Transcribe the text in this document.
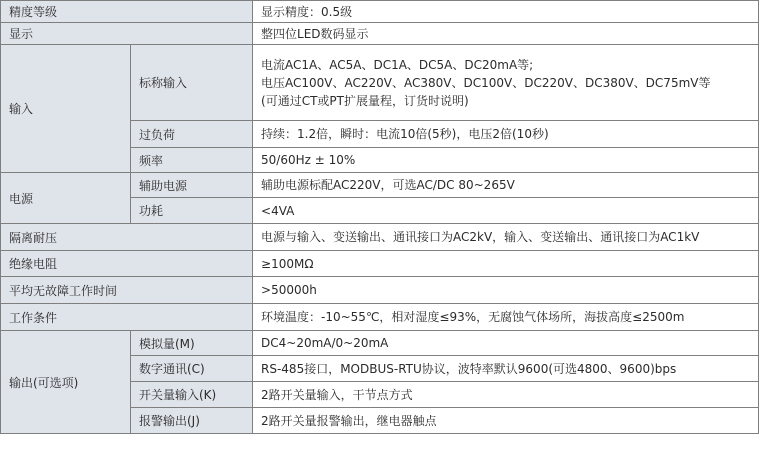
精度等级		显示精度：0.5级
显示		整四位LED数码显示
输入	标称输入	电流AC1A、AC5A、DC1A、DC5A、DC20mA等;
电压AC100V、AC220V、AC380V、DC100V、DC220V、DC380V、DC75mV等
(可通过CT或PT扩展量程，订货时说明)

	过负荷	持续：1.2倍，瞬时：电流10倍(5秒)，电压2倍(10秒)
	频率	50/60Hz ± 10%
电源	辅助电源	辅助电源标配AC220V，可选AC/DC 80~265V
	功耗	<4VA
隔离耐压		电源与输入、变送输出、通讯接口为AC2kV，输入、变送输出、通讯接口为AC1kV
绝缘电阻		≥100MΩ
平均无故障工作时间		>50000h
工作条件		环境温度：-10~55℃，相对湿度≤93%，无腐蚀气体场所，海拔高度≤2500m
输出(可选项)	模拟量(M)	DC4~20mA/0~20mA
	数字通讯(C)	RS-485接口，MODBUS-RTU协议，波特率默认9600(可选4800、9600)bps
	开关量输入(K)	2路开关量输入，干节点方式
	报警输出(J)	2路开关量报警输出，继电器触点
